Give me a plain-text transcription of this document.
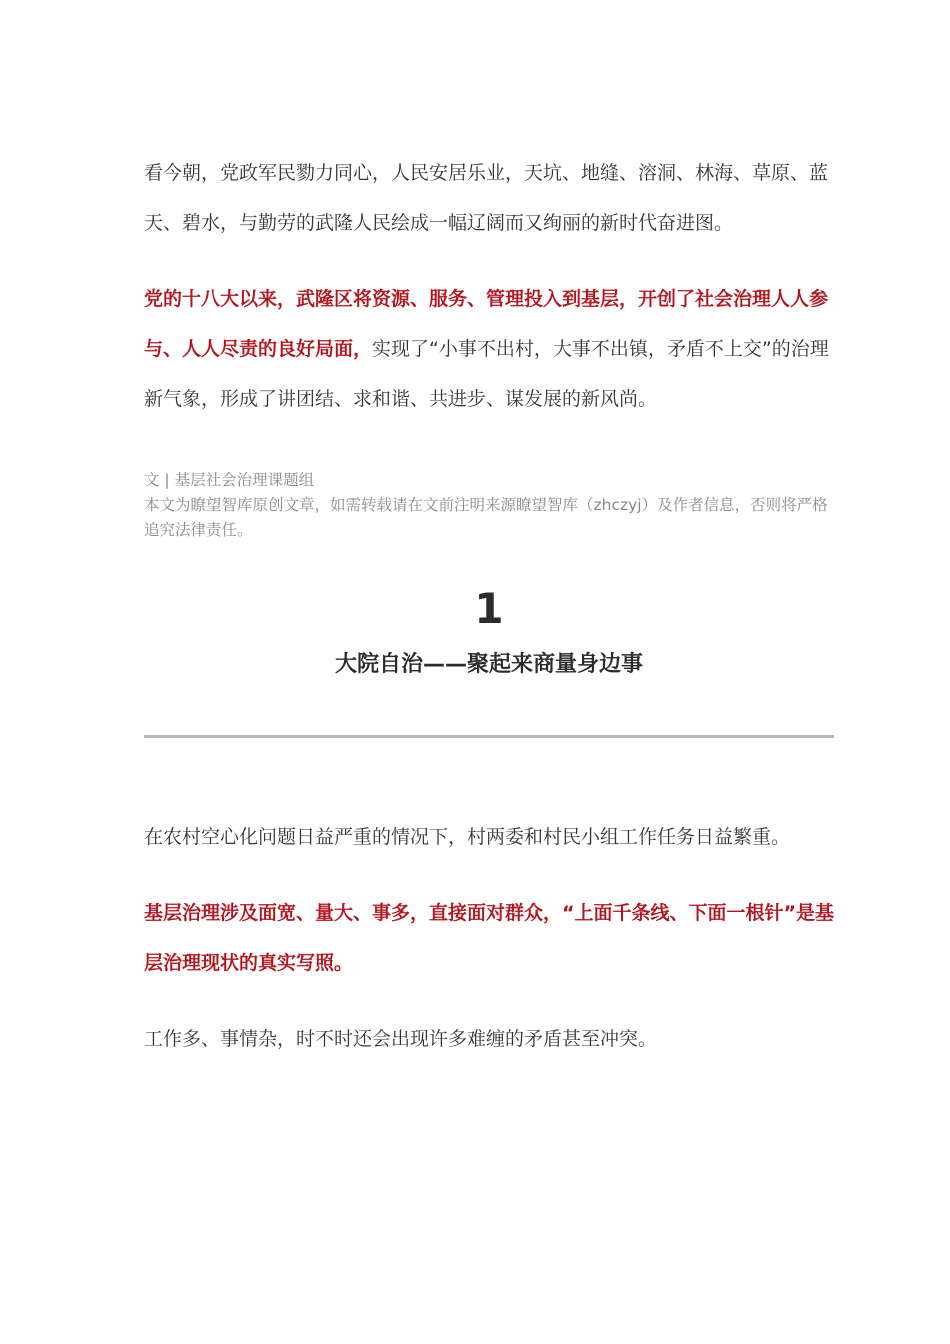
看今朝，党政军民勠力同心，人民安居乐业，天坑、地缝、溶洞、林海、草原、蓝天、碧水，与勤劳的武隆人民绘成一幅辽阔而又绚丽的新时代奋进图。

党的十八大以来，武隆区将资源、服务、管理投入到基层，开创了社会治理人人参与、人人尽责的良好局面，实现了“小事不出村，大事不出镇，矛盾不上交”的治理新气象，形成了讲团结、求和谐、共进步、谋发展的新风尚。

文 | 基层社会治理课题组

本文为瞭望智库原创文章，如需转载请在文前注明来源瞭望智库（zhczyj）及作者信息，否则将严格追究法律责任。

1
大院自治——聚起来商量身边事

在农村空心化问题日益严重的情况下，村两委和村民小组工作任务日益繁重。

基层治理涉及面宽、量大、事多，直接面对群众，“上面千条线、下面一根针”是基层治理现状的真实写照。

工作多、事情杂，时不时还会出现许多难缠的矛盾甚至冲突。
